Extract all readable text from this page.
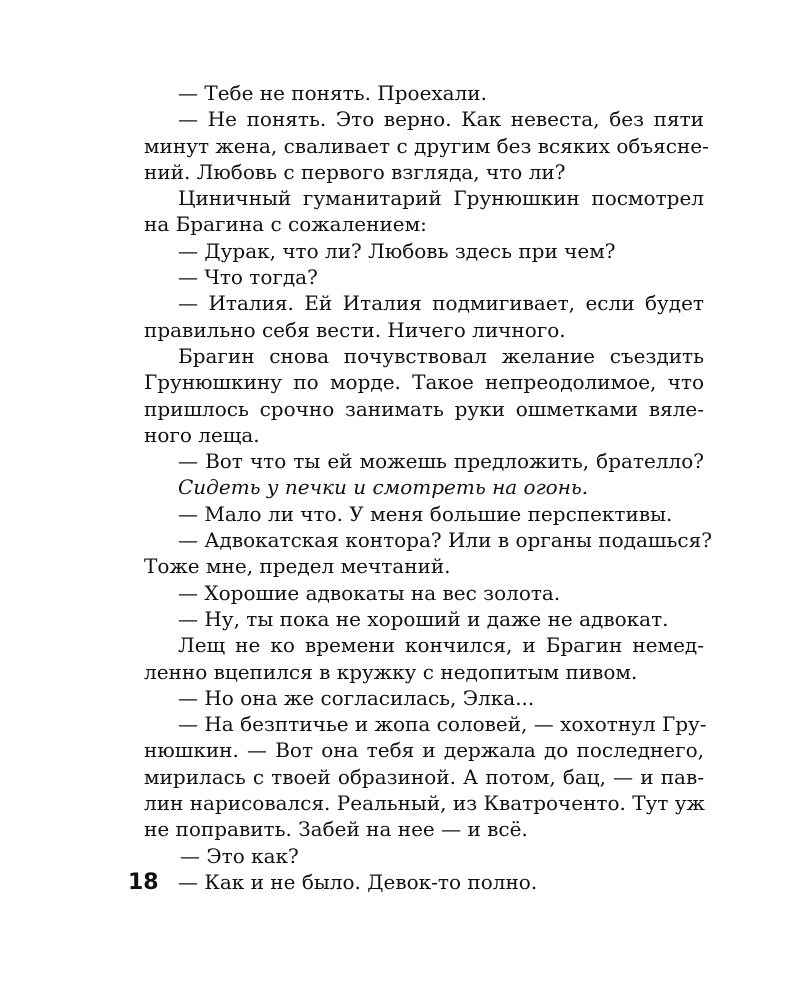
— Тебе не понять. Проехали.
— Не понять. Это верно. Как невеста, без пяти
минут жена, сваливает с другим без всяких объясне-
ний. Любовь с первого взгляда, что ли?
Циничный гуманитарий Грунюшкин посмотрел
на Брагина с сожалением:
— Дурак, что ли? Любовь здесь при чем?
— Что тогда?
— Италия. Ей Италия подмигивает, если будет
правильно себя вести. Ничего личного.
Брагин снова почувствовал желание съездить
Грунюшкину по морде. Такое непреодолимое, что
пришлось срочно занимать руки ошметками вяле-
ного леща.
— Вот что ты ей можешь предложить, брателло?
Сидеть у печки и смотреть на огонь.
— Мало ли что. У меня большие перспективы.
— Адвокатская контора? Или в органы подашься?
Тоже мне, предел мечтаний.
— Хорошие адвокаты на вес золота.
— Ну, ты пока не хороший и даже не адвокат.
Лещ не ко времени кончился, и Брагин немед-
ленно вцепился в кружку с недопитым пивом.
— Но она же согласилась, Элка...
— На безптичье и жопа соловей, — хохотнул Гру-
нюшкин. — Вот она тебя и держала до последнего,
мирилась с твоей образиной. А потом, бац, — и пав-
лин нарисовался. Реальный, из Кватроченто. Тут уж
не поправить. Забей на нее — и всё.
— Это как?
— Как и не было. Девок-то полно.
18
